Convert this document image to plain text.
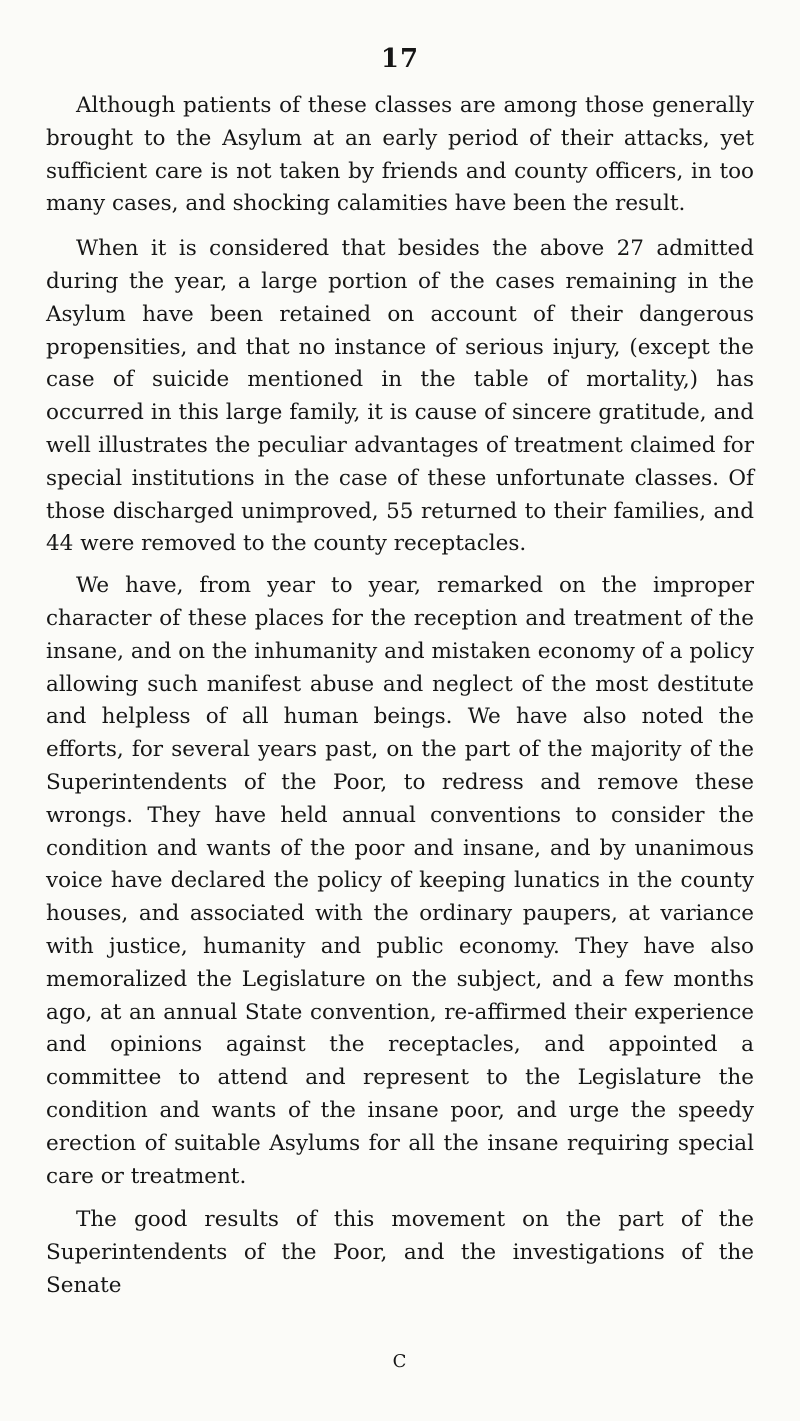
17

Although patients of these classes are among those generally brought to the Asylum at an early period of their attacks, yet sufficient care is not taken by friends and county officers, in too many cases, and shocking calamities have been the result.

When it is considered that besides the above 27 admitted during the year, a large portion of the cases remaining in the Asylum have been retained on account of their dangerous propensities, and that no instance of serious injury, (except the case of suicide mentioned in the table of mortality,) has occurred in this large family, it is cause of sincere gratitude, and well illustrates the peculiar advantages of treatment claimed for special institutions in the case of these unfortunate classes. Of those discharged unimproved, 55 returned to their families, and 44 were removed to the county receptacles.

We have, from year to year, remarked on the improper character of these places for the reception and treatment of the insane, and on the inhumanity and mistaken economy of a policy allowing such manifest abuse and neglect of the most destitute and helpless of all human beings. We have also noted the efforts, for several years past, on the part of the majority of the Superintendents of the Poor, to redress and remove these wrongs. They have held annual conventions to consider the condition and wants of the poor and insane, and by unanimous voice have declared the policy of keeping lunatics in the county houses, and associated with the ordinary paupers, at variance with justice, humanity and public economy. They have also memoralized the Legislature on the subject, and a few months ago, at an annual State convention, re-affirmed their experience and opinions against the receptacles, and appointed a committee to attend and represent to the Legislature the condition and wants of the insane poor, and urge the speedy erection of suitable Asylums for all the insane requiring special care or treatment.

The good results of this movement on the part of the Superintendents of the Poor, and the investigations of the Senate

C
